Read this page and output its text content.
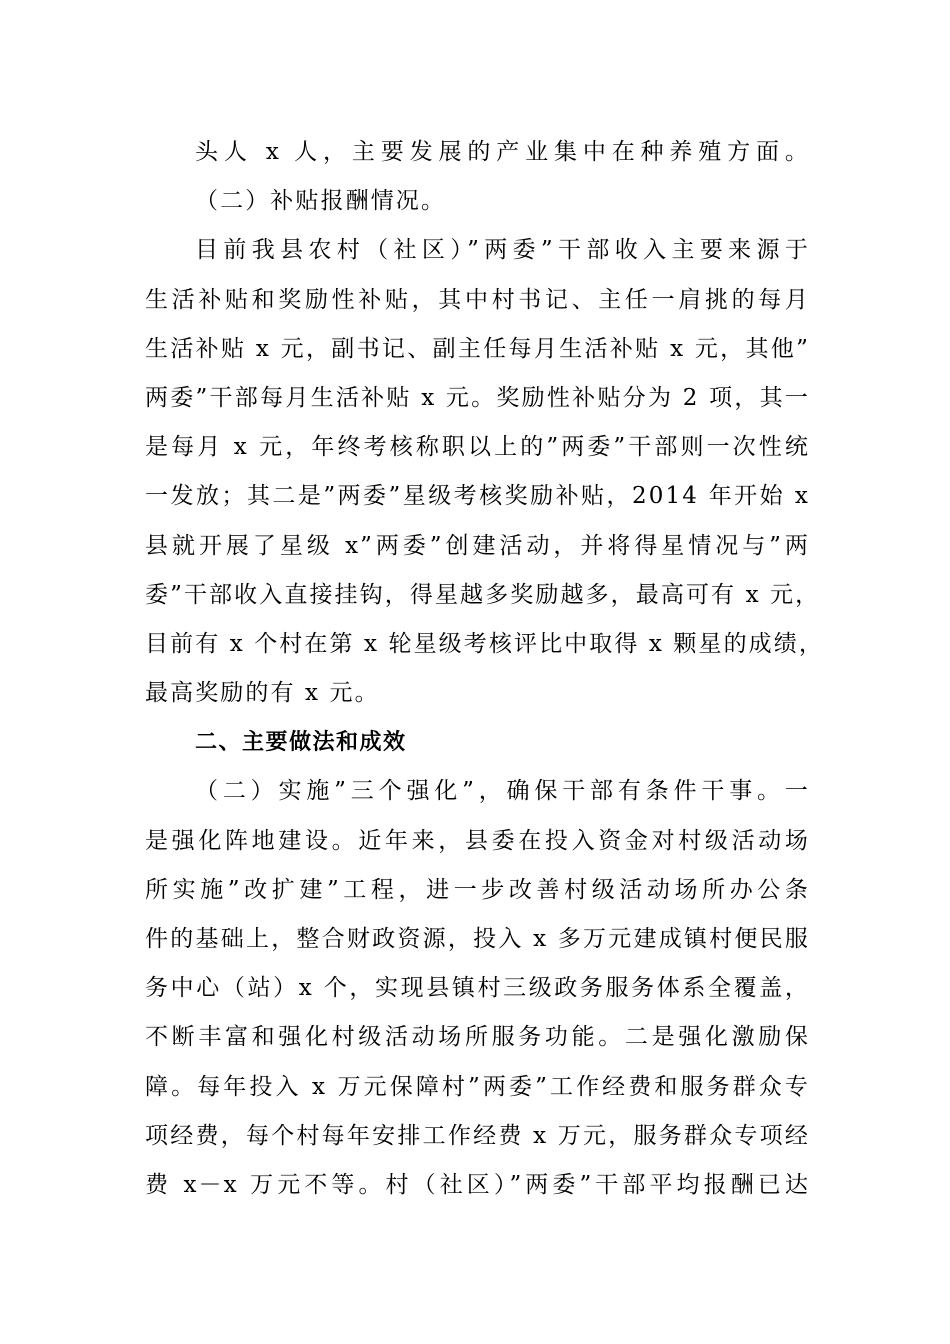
头人 x 人，主要发展的产业集中在种养殖方面。
（二）补贴报酬情况。
目前我县农村（社区）”两委”干部收入主要来源于
生活补贴和奖励性补贴，其中村书记、主任一肩挑的每月
生活补贴 x 元，副书记、副主任每月生活补贴 x 元，其他”
两委”干部每月生活补贴 x 元。奖励性补贴分为 2 项，其一
是每月 x 元，年终考核称职以上的”两委”干部则一次性统
一发放；其二是”两委”星级考核奖励补贴，2014 年开始 x
县就开展了星级 x”两委”创建活动，并将得星情况与”两
委”干部收入直接挂钩，得星越多奖励越多，最高可有 x 元，
目前有 x 个村在第 x 轮星级考核评比中取得 x 颗星的成绩，
最高奖励的有 x 元。
二、主要做法和成效
（二）实施”三个强化”，确保干部有条件干事。一
是强化阵地建设。近年来，县委在投入资金对村级活动场
所实施”改扩建”工程，进一步改善村级活动场所办公条
件的基础上，整合财政资源，投入 x 多万元建成镇村便民服
务中心（站）x 个，实现县镇村三级政务服务体系全覆盖，
不断丰富和强化村级活动场所服务功能。二是强化激励保
障。每年投入 x 万元保障村”两委”工作经费和服务群众专
项经费，每个村每年安排工作经费 x 万元，服务群众专项经
费 x－x 万元不等。村（社区）”两委”干部平均报酬已达
